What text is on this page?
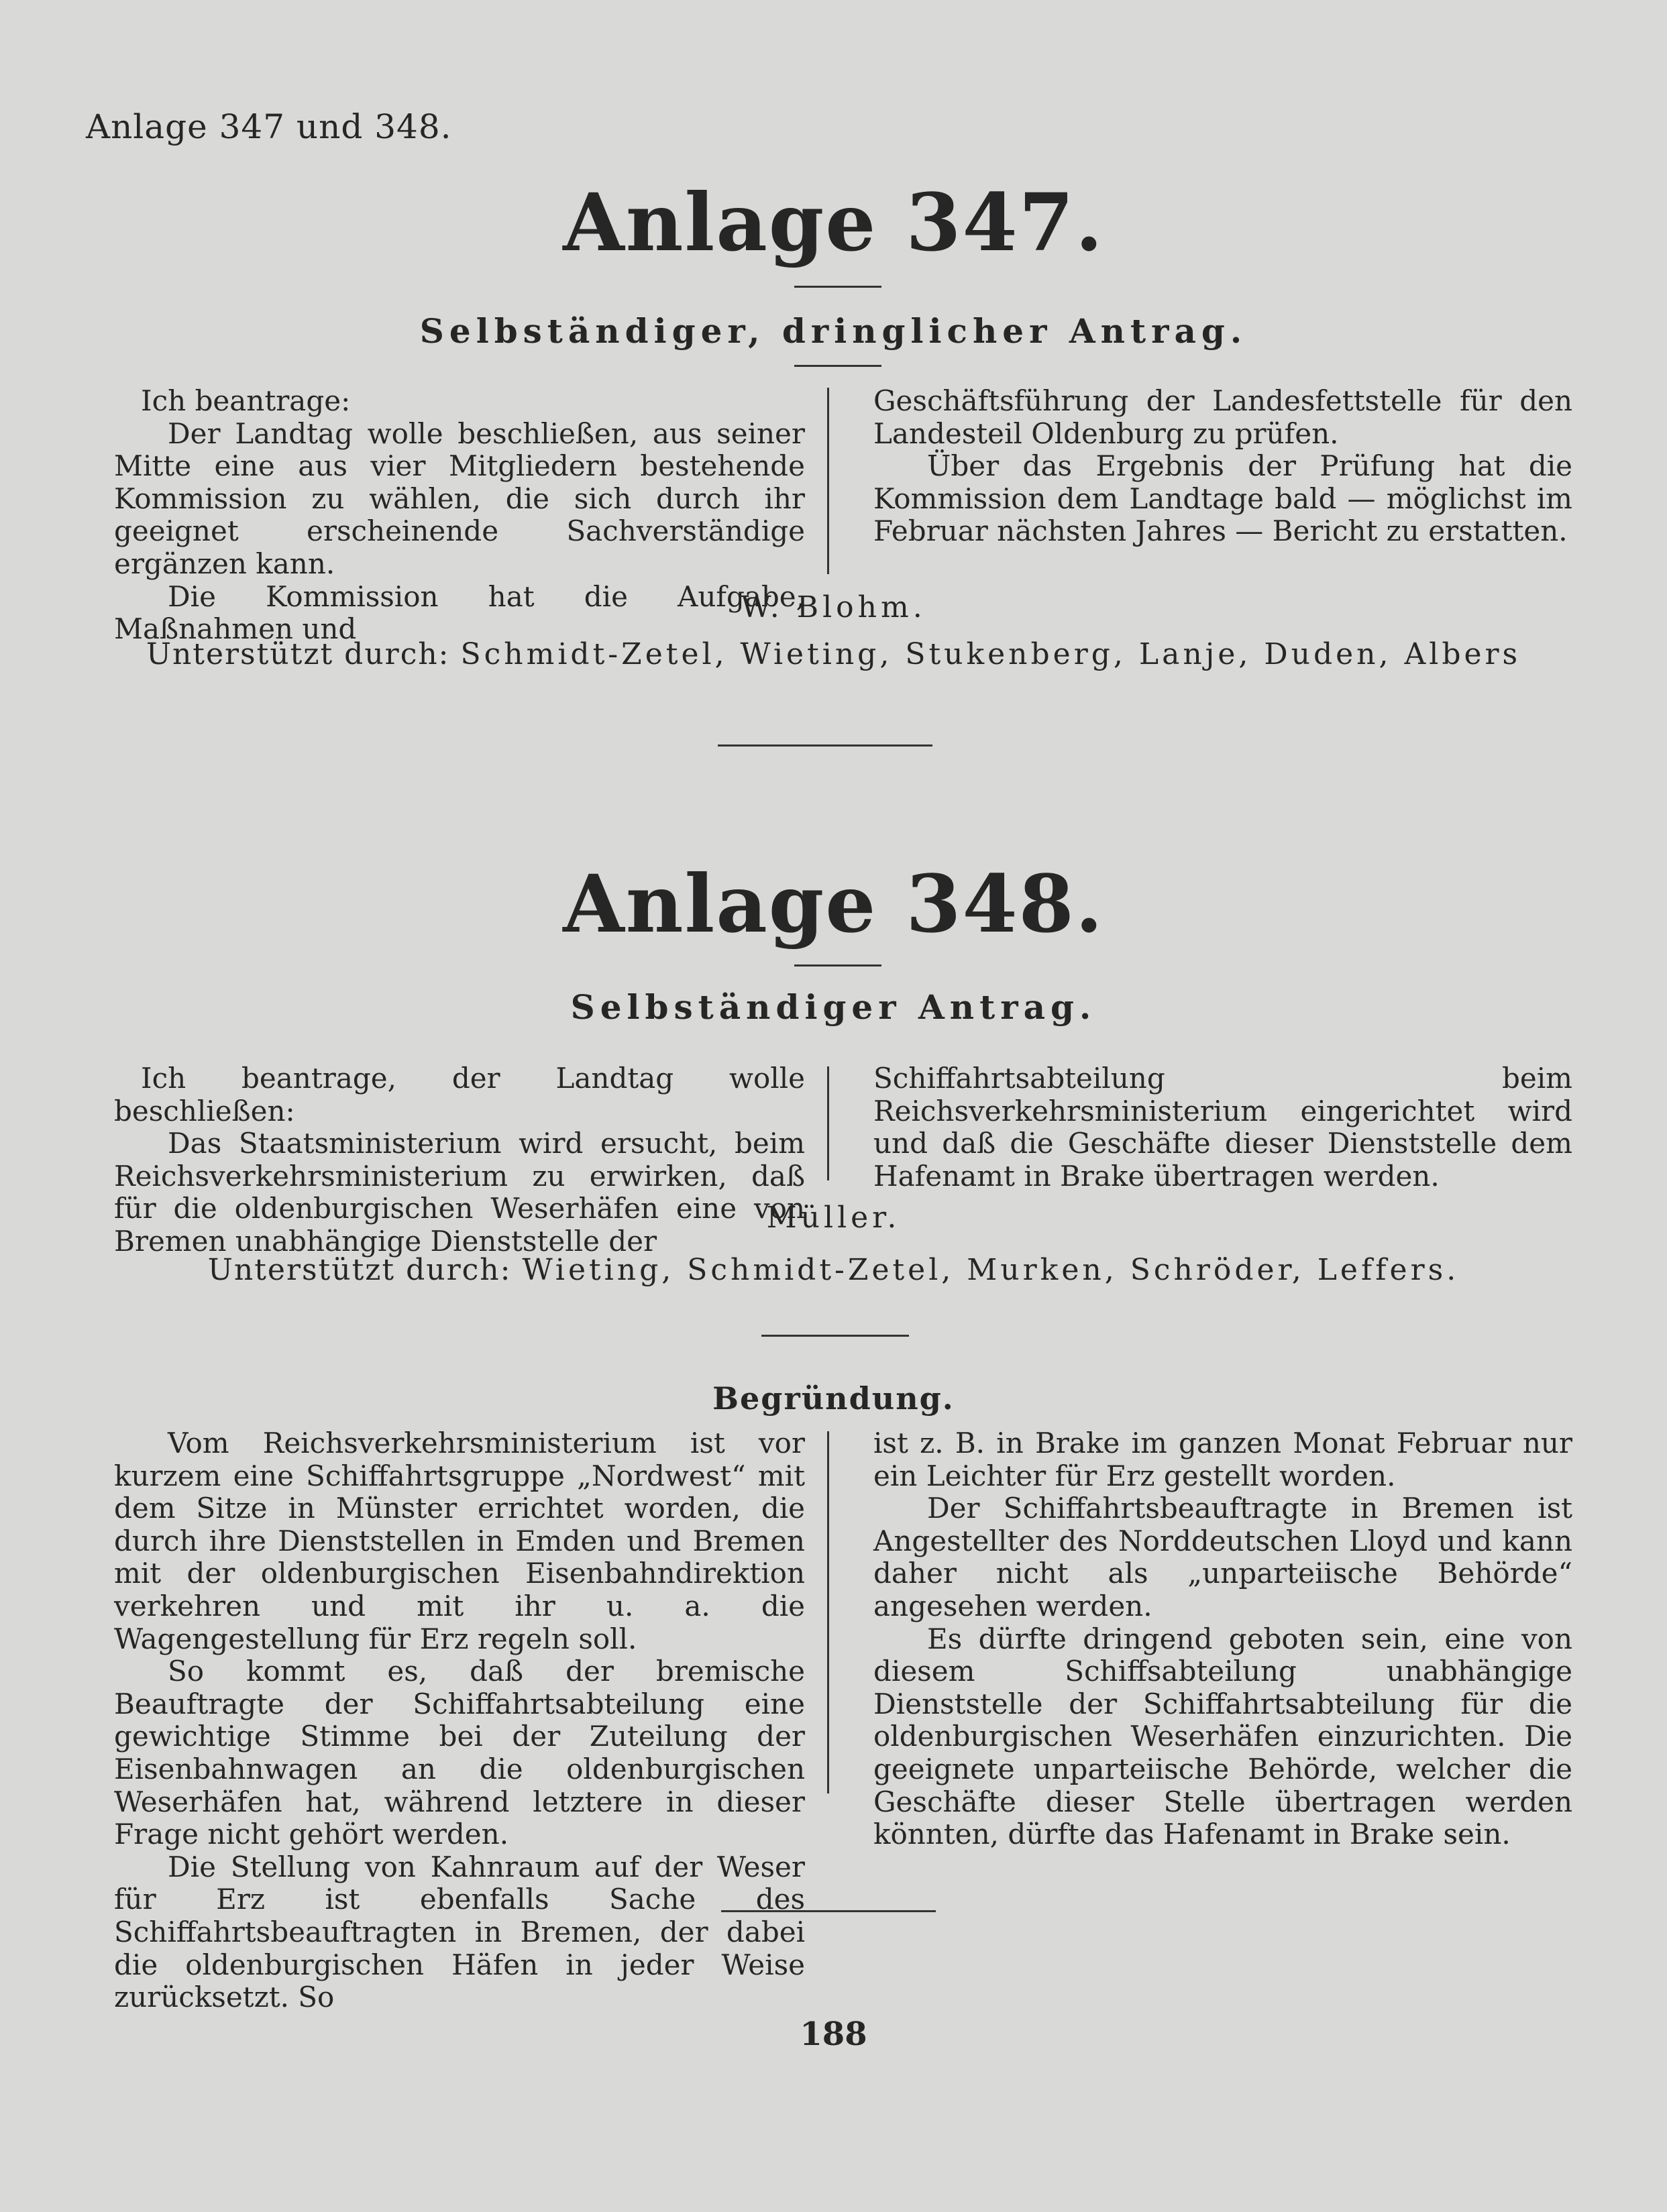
Anlage 347 und 348.
Anlage 347.
Selbständiger, dringlicher Antrag.

Ich beantrage:

Der Landtag wolle beschließen, aus seiner Mitte eine aus vier Mitgliedern bestehende Kommission zu wählen, die sich durch ihr geeignet erscheinende Sachverständige ergänzen kann.

Die Kommission hat die Aufgabe, Maßnahmen und

Geschäftsführung der Landesfettstelle für den Landesteil Oldenburg zu prüfen.

Über das Ergebnis der Prüfung hat die Kommission dem Landtage bald — möglichst im Februar nächsten Jahres — Bericht zu erstatten.

W. Blohm.
Unterstützt durch: Schmidt-Zetel, Wieting, Stukenberg, Lanje, Duden, Albers
Anlage 348.
Selbständiger Antrag.

Ich beantrage, der Landtag wolle beschließen:

Das Staatsministerium wird ersucht, beim Reichsverkehrsministerium zu erwirken, daß für die oldenburgischen Weserhäfen eine von Bremen unabhängige Dienststelle der

Schiffahrtsabteilung beim Reichsverkehrsministerium eingerichtet wird und daß die Geschäfte dieser Dienststelle dem Hafenamt in Brake übertragen werden.

Müller.
Unterstützt durch: Wieting, Schmidt-Zetel, Murken, Schröder, Leffers.
Begründung.

Vom Reichsverkehrsministerium ist vor kurzem eine Schiffahrtsgruppe „Nordwest“ mit dem Sitze in Münster errichtet worden, die durch ihre Dienststellen in Emden und Bremen mit der oldenburgischen Eisenbahndirektion verkehren und mit ihr u. a. die Wagengestellung für Erz regeln soll.

So kommt es, daß der bremische Beauftragte der Schiffahrtsabteilung eine gewichtige Stimme bei der Zuteilung der Eisenbahnwagen an die oldenburgischen Weserhäfen hat, während letztere in dieser Frage nicht gehört werden.

Die Stellung von Kahnraum auf der Weser für Erz ist ebenfalls Sache des Schiffahrtsbeauftragten in Bremen, der dabei die oldenburgischen Häfen in jeder Weise zurücksetzt. So

ist z. B. in Brake im ganzen Monat Februar nur ein Leichter für Erz gestellt worden.

Der Schiffahrtsbeauftragte in Bremen ist Angestellter des Norddeutschen Lloyd und kann daher nicht als „unparteiische Behörde“ angesehen werden.

Es dürfte dringend geboten sein, eine von diesem Schiffsabteilung unabhängige Dienststelle der Schiffahrtsabteilung für die oldenburgischen Weserhäfen einzurichten. Die geeignete unparteiische Behörde, welcher die Geschäfte dieser Stelle übertragen werden könnten, dürfte das Hafenamt in Brake sein.

188
